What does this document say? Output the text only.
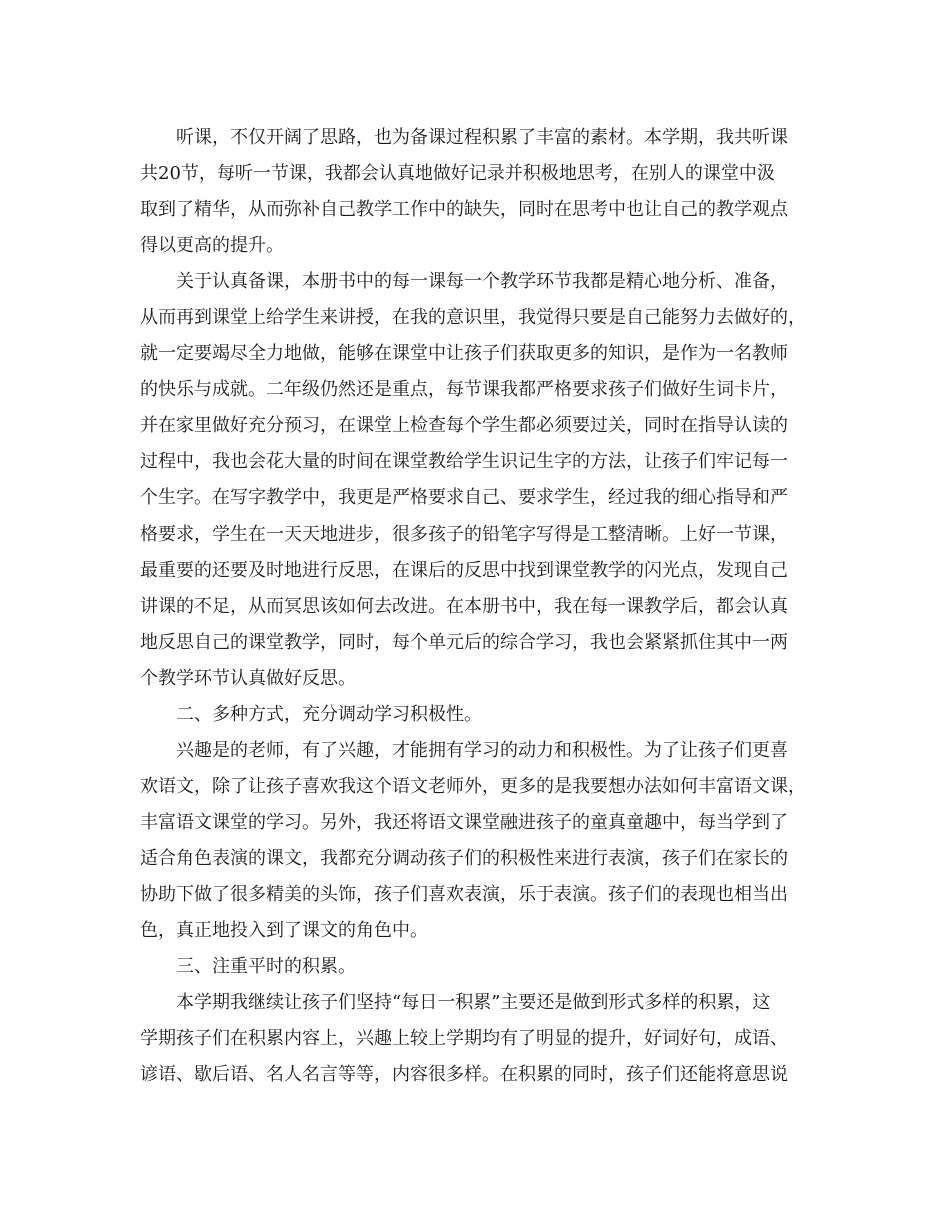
听课，不仅开阔了思路，也为备课过程积累了丰富的素材。本学期，我共听课
共20节，每听一节课，我都会认真地做好记录并积极地思考，在别人的课堂中汲
取到了精华，从而弥补自己教学工作中的缺失，同时在思考中也让自己的教学观点
得以更高的提升。
关于认真备课，本册书中的每一课每一个教学环节我都是精心地分析、准备，
从而再到课堂上给学生来讲授，在我的意识里，我觉得只要是自己能努力去做好的，
就一定要竭尽全力地做，能够在课堂中让孩子们获取更多的知识，是作为一名教师
的快乐与成就。二年级仍然还是重点，每节课我都严格要求孩子们做好生词卡片，
并在家里做好充分预习，在课堂上检查每个学生都必须要过关，同时在指导认读的
过程中，我也会花大量的时间在课堂教给学生识记生字的方法，让孩子们牢记每一
个生字。在写字教学中，我更是严格要求自己、要求学生，经过我的细心指导和严
格要求，学生在一天天地进步，很多孩子的铅笔字写得是工整清晰。上好一节课，
最重要的还要及时地进行反思，在课后的反思中找到课堂教学的闪光点，发现自己
讲课的不足，从而冥思该如何去改进。在本册书中，我在每一课教学后，都会认真
地反思自己的课堂教学，同时，每个单元后的综合学习，我也会紧紧抓住其中一两
个教学环节认真做好反思。
二、多种方式，充分调动学习积极性。
兴趣是的老师，有了兴趣，才能拥有学习的动力和积极性。为了让孩子们更喜
欢语文，除了让孩子喜欢我这个语文老师外，更多的是我要想办法如何丰富语文课，
丰富语文课堂的学习。另外，我还将语文课堂融进孩子的童真童趣中，每当学到了
适合角色表演的课文，我都充分调动孩子们的积极性来进行表演，孩子们在家长的
协助下做了很多精美的头饰，孩子们喜欢表演，乐于表演。孩子们的表现也相当出
色，真正地投入到了课文的角色中。
三、注重平时的积累。
本学期我继续让孩子们坚持“每日一积累”主要还是做到形式多样的积累，这
学期孩子们在积累内容上，兴趣上较上学期均有了明显的提升，好词好句，成语、
谚语、歇后语、名人名言等等，内容很多样。在积累的同时，孩子们还能将意思说
